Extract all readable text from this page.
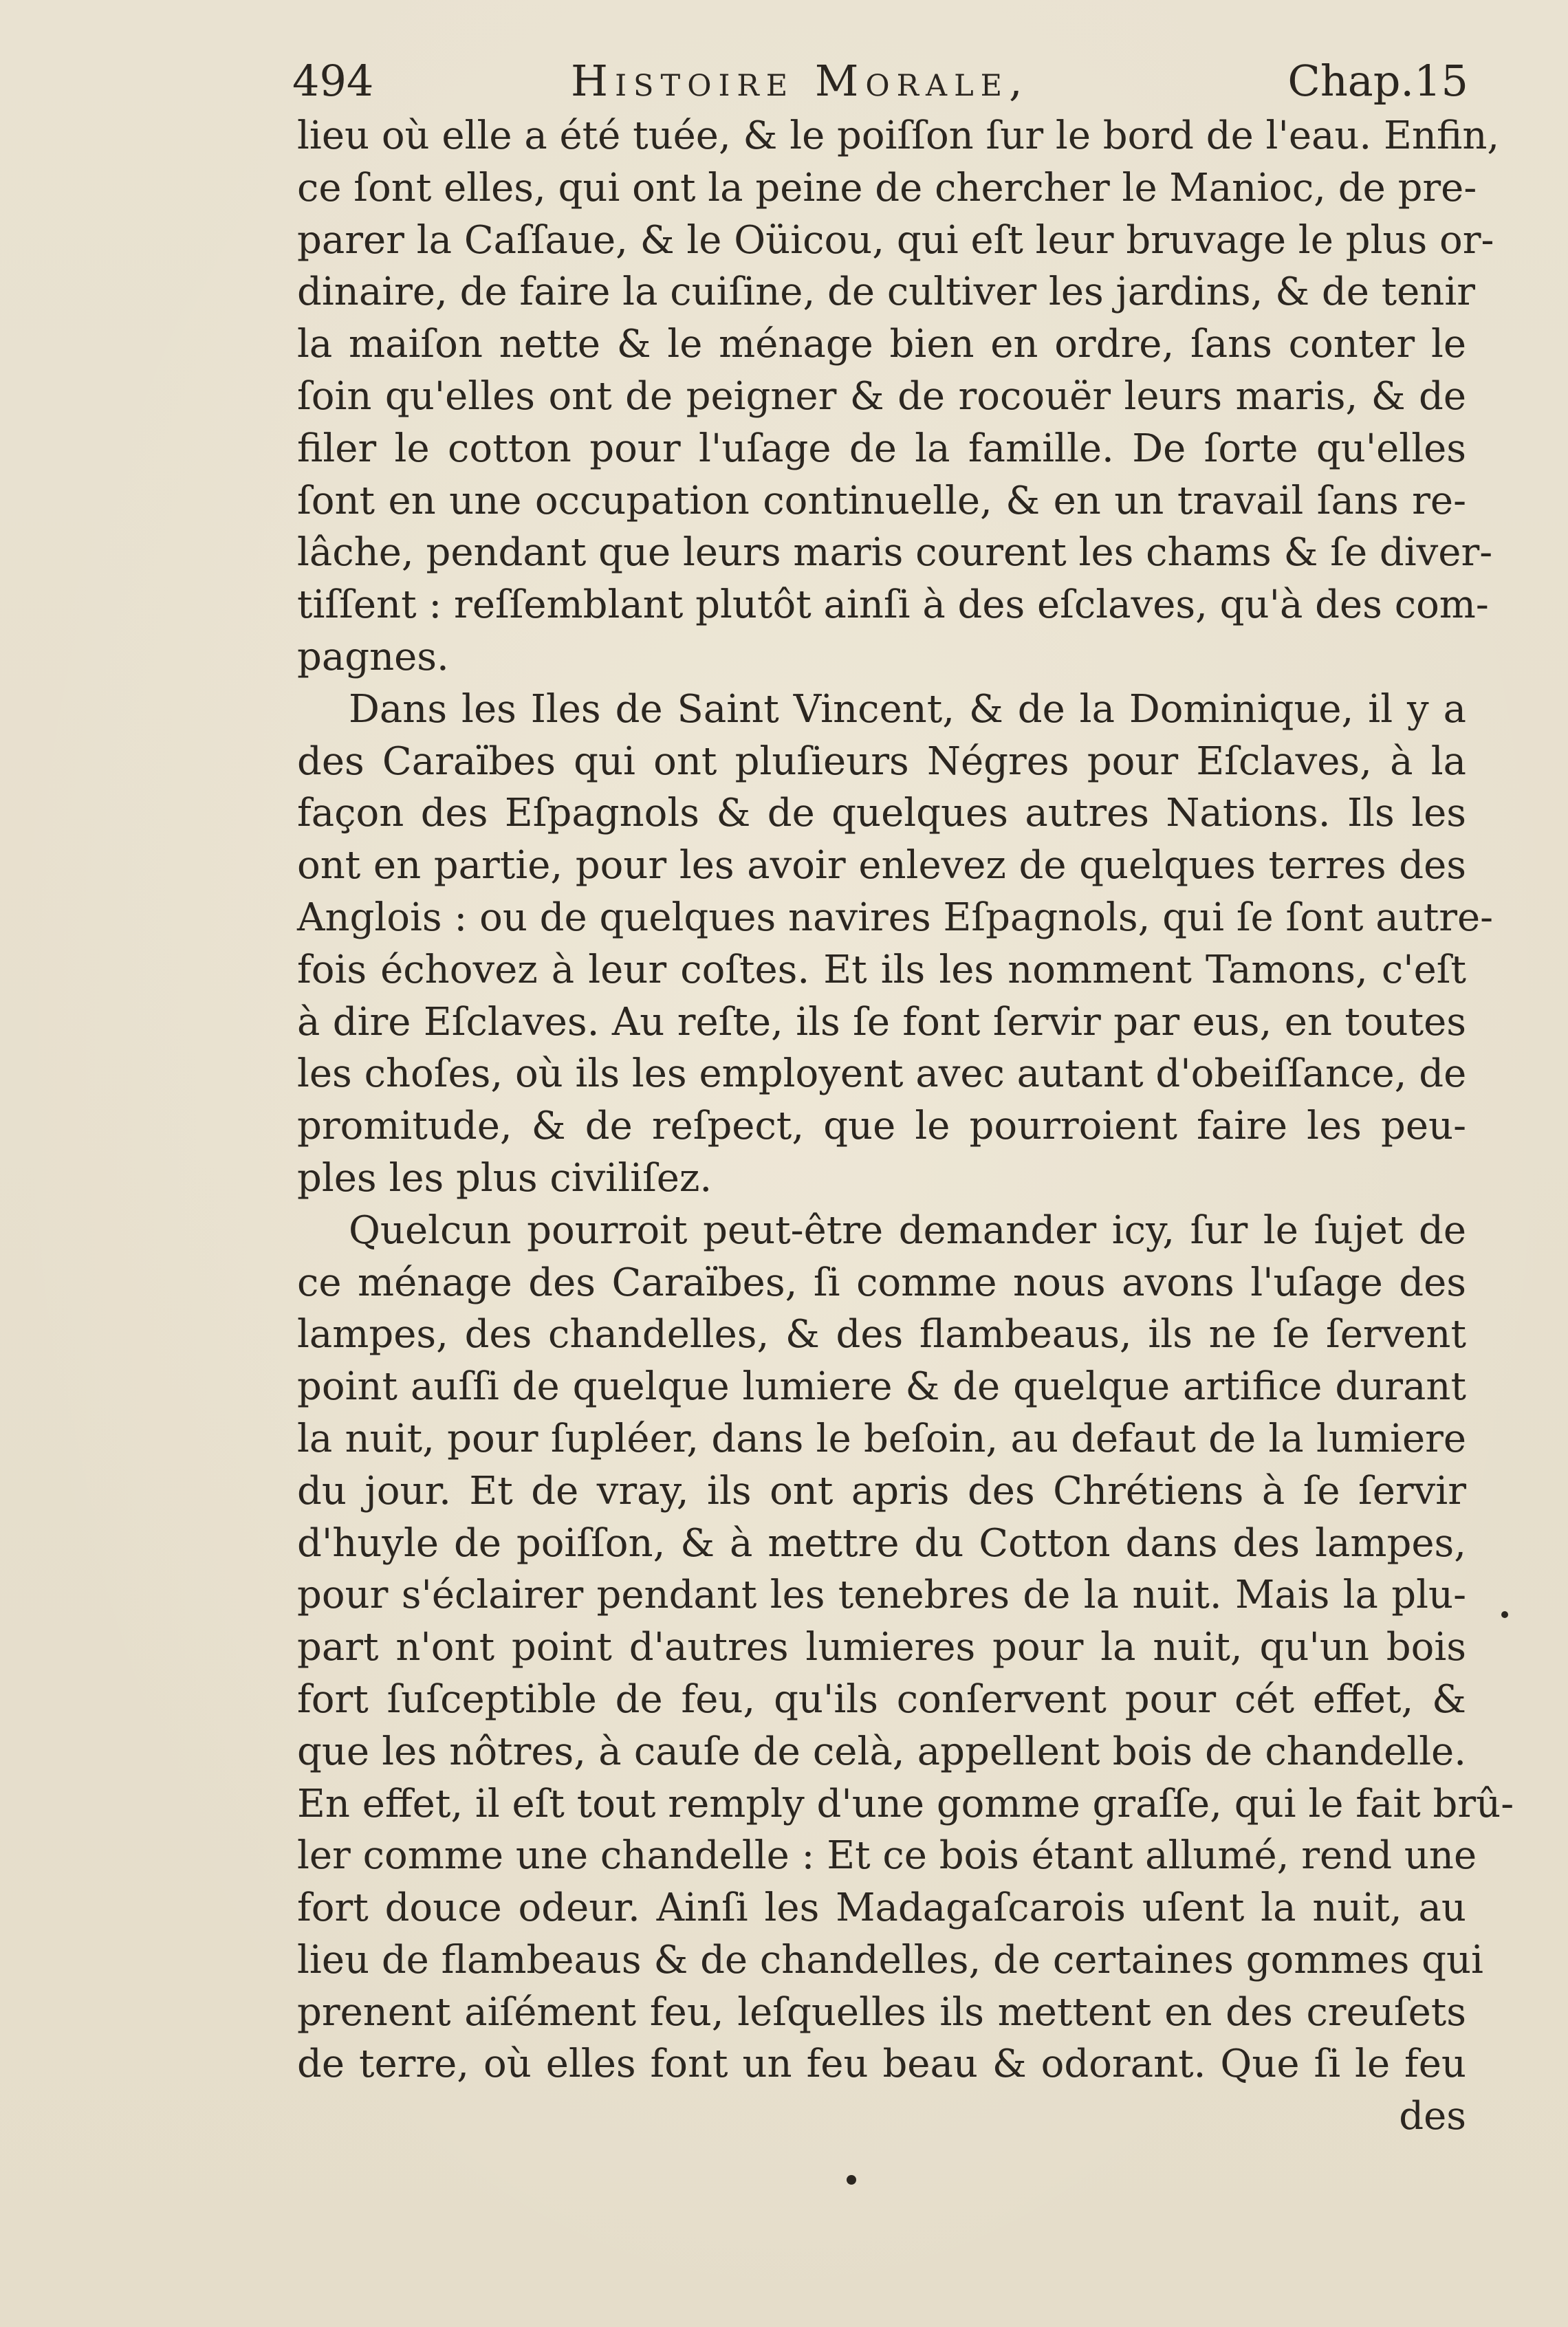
494	Histoire Morale,	Chap.15
lieu où elle a été tuée, & le poiſſon ſur le bord de l'eau. Enfin,
ce ſont elles, qui ont la peine de chercher le Manioc, de pre-
parer la Caſſaue, & le Oüicou, qui eſt leur bruvage le plus or-
dinaire, de faire la cuiſine, de cultiver les jardins, & de tenir
la maiſon nette & le ménage bien en ordre, ſans conter le
ſoin qu'elles ont de peigner & de rocouër leurs maris, & de
filer le cotton pour l'uſage de la famille. De ſorte qu'elles
ſont en une occupation continuelle, & en un travail ſans re-
lâche, pendant que leurs maris courent les chams & ſe diver-
tiſſent : reſſemblant plutôt ainſi à des eſclaves, qu'à des com-
pagnes.
Dans les Iles de Saint Vincent, & de la Dominique, il y a
des Caraïbes qui ont pluſieurs Négres pour Eſclaves, à la
façon des Eſpagnols & de quelques autres Nations. Ils les
ont en partie, pour les avoir enlevez de quelques terres des
Anglois : ou de quelques navires Eſpagnols, qui ſe ſont autre-
fois échovez à leur coſtes. Et ils les nomment Tamons, c'eſt
à dire Eſclaves. Au reſte, ils ſe font ſervir par eus, en toutes
les choſes, où ils les employent avec autant d'obeiſſance, de
promitude, & de reſpect, que le pourroient faire les peu-
ples les plus civiliſez.
Quelcun pourroit peut-être demander icy, ſur le ſujet de
ce ménage des Caraïbes, ſi comme nous avons l'uſage des
lampes, des chandelles, & des flambeaus, ils ne ſe ſervent
point auſſi de quelque lumiere & de quelque artifice durant
la nuit, pour ſupléer, dans le beſoin, au defaut de la lumiere
du jour. Et de vray, ils ont apris des Chrétiens à ſe ſervir
d'huyle de poiſſon, & à mettre du Cotton dans des lampes,
pour s'éclairer pendant les tenebres de la nuit. Mais la plu-
part n'ont point d'autres lumieres pour la nuit, qu'un bois
fort ſuſceptible de feu, qu'ils conſervent pour cét effet, &
que les nôtres, à cauſe de celà, appellent bois de chandelle.
En effet, il eſt tout remply d'une gomme graſſe, qui le fait brû-
ler comme une chandelle : Et ce bois étant allumé, rend une
fort douce odeur. Ainſi les Madagaſcarois uſent la nuit, au
lieu de flambeaus & de chandelles, de certaines gommes qui
prenent aiſément feu, leſquelles ils mettent en des creuſets
de terre, où elles font un feu beau & odorant. Que ſi le feu
des
